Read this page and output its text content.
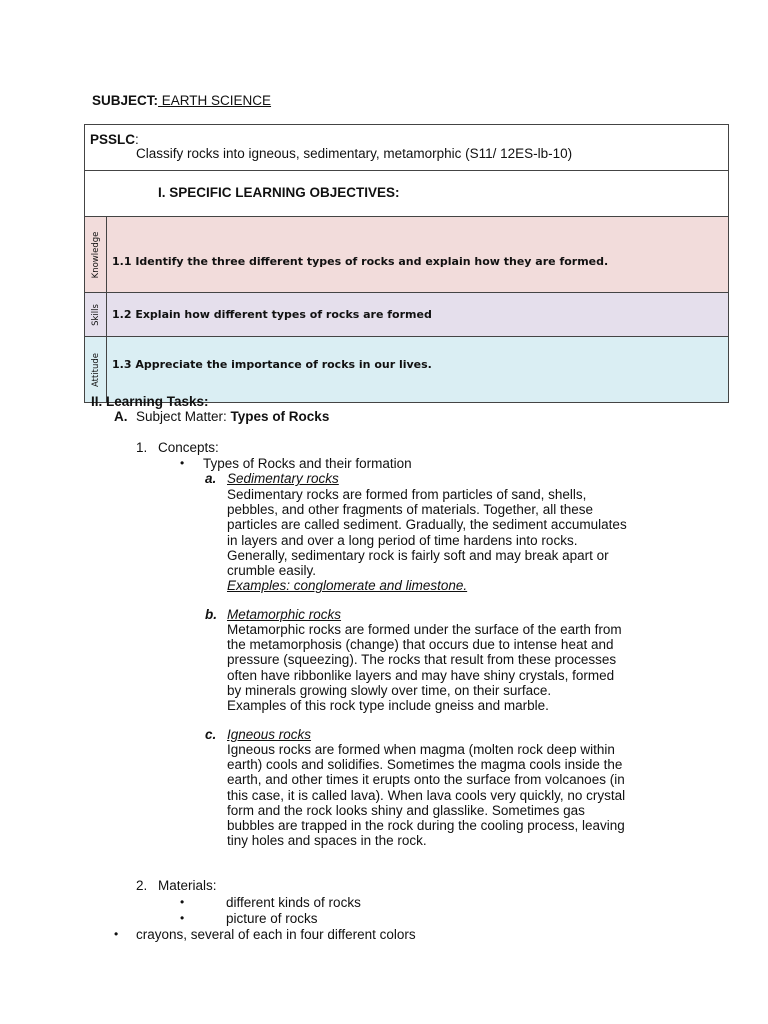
SUBJECT: EARTH SCIENCE
PSSLC:
Classify rocks into igneous, sedimentary, metamorphic (S11/ 12ES-lb-10)	

I. SPECIFIC LEARNING OBJECTIVES:	

Knowledge	1.1 Identify the three different types of rocks and explain how they are formed.

Skills	1.2 Explain how different types of rocks are formed

Attitude	1.3 Appreciate the importance of rocks in our lives.
II. Learning Tasks:
A. Subject Matter: Types of Rocks
1. Concepts:
• Types of Rocks and their formation
a. Sedimentary rocks
Sedimentary rocks are formed from particles of sand, shells,
pebbles, and other fragments of materials. Together, all these
particles are called sediment. Gradually, the sediment accumulates
in layers and over a long period of time hardens into rocks.
Generally, sedimentary rock is fairly soft and may break apart or
crumble easily.
Examples: conglomerate and limestone.
b. Metamorphic rocks
Metamorphic rocks are formed under the surface of the earth from
the metamorphosis (change) that occurs due to intense heat and
pressure (squeezing). The rocks that result from these processes
often have ribbonlike layers and may have shiny crystals, formed
by minerals growing slowly over time, on their surface.
Examples of this rock type include gneiss and marble.
c. Igneous rocks
Igneous rocks are formed when magma (molten rock deep within
earth) cools and solidifies. Sometimes the magma cools inside the
earth, and other times it erupts onto the surface from volcanoes (in
this case, it is called lava). When lava cools very quickly, no crystal
form and the rock looks shiny and glasslike. Sometimes gas
bubbles are trapped in the rock during the cooling process, leaving
tiny holes and spaces in the rock.
2. Materials:
•	different kinds of rocks
•	picture of rocks
• crayons, several of each in four different colors
